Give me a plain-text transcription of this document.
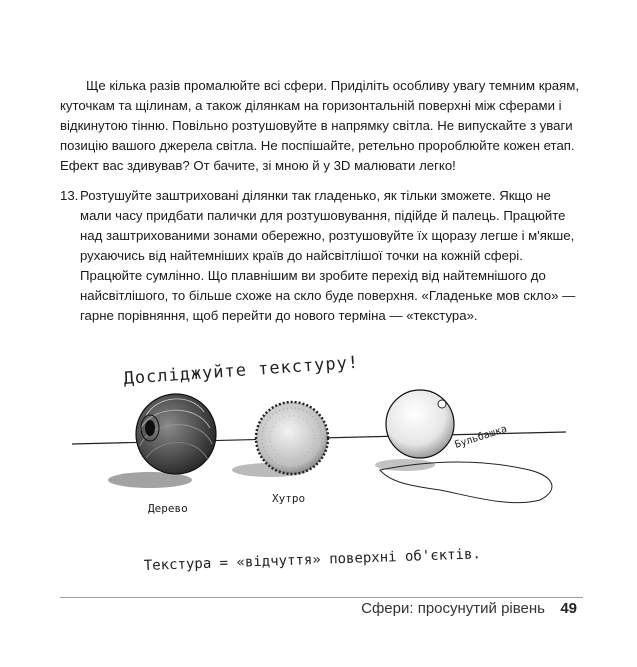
Ще кілька разів промалюйте всі сфери. Приділіть особливу увагу темним краям, куточкам та щілинам, а також ділянкам на горизонтальній поверхні між сферами і відкинутою тінню. Повільно розтушовуйте в напрямку світла. Не випускайте з уваги позицію вашого джерела світла. Не поспішайте, ретельно пророблюйте кожен етап. Ефект вас здивував? От бачите, зі мною й у 3D малювати легко!
13. Розтушуйте заштриховані ділянки так гладенько, як тільки зможете. Якщо не мали часу придбати палички для розтушовування, підійде й палець. Працюйте над заштрихованими зонами обережно, розтушовуйте їх щоразу легше і м'якше, рухаючись від найтемніших країв до найсвітлішої точки на кожній сфері. Працюйте сумлінно. Що плавнішим ви зробите перехід від найтемнішого до найсвітлішого, то більше схоже на скло буде поверхня. «Гладеньке мов скло» — гарне порівняння, щоб перейти до нового терміна — «текстура».
Досліджуйте текстуру!
Дерево
Хутро
Бульбашка
Текстура = «відчуття» поверхні об'єктів.
Сфери: просунутий рівень 49
